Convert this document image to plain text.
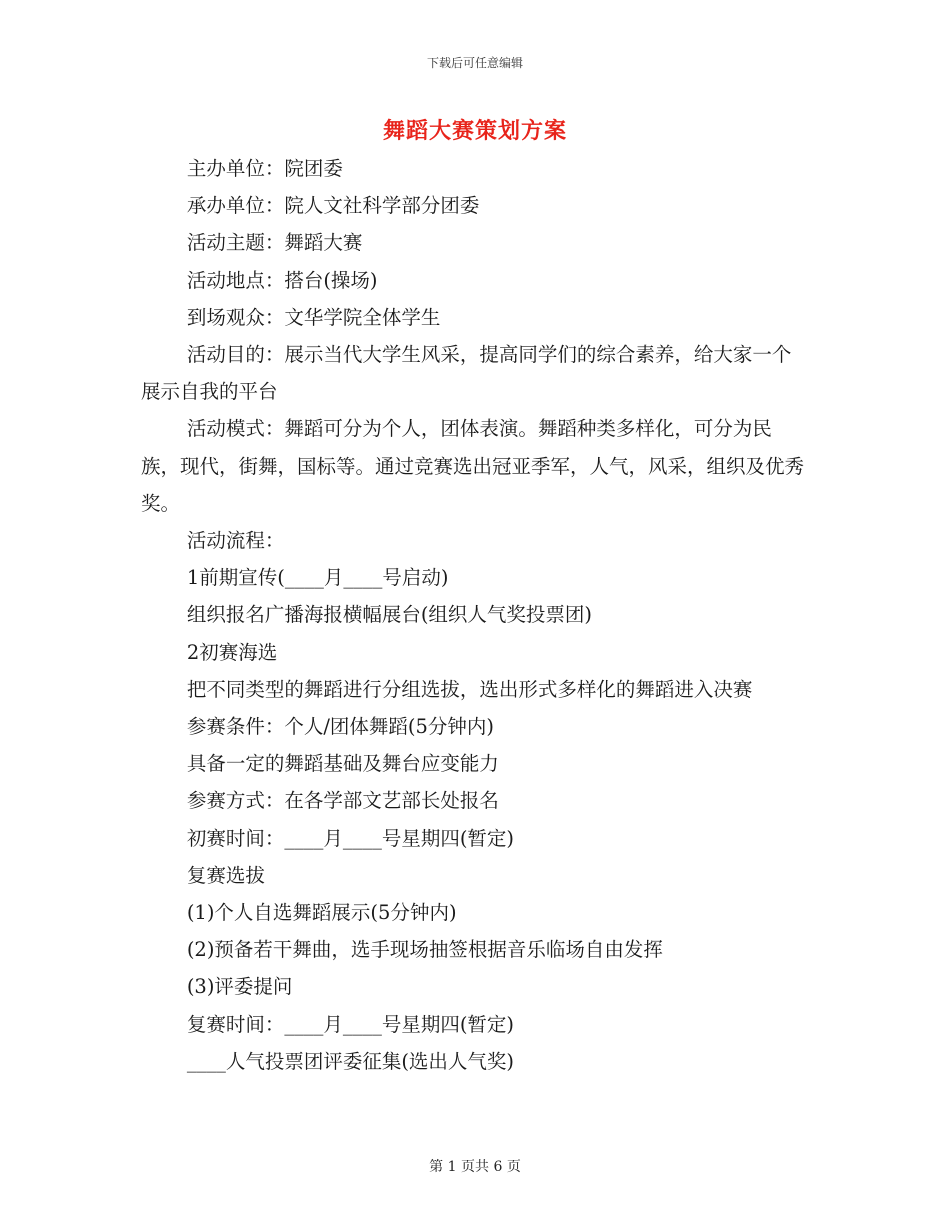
下载后可任意编辑
舞蹈大赛策划方案

主办单位：院团委

承办单位：院人文社科学部分团委

活动主题：舞蹈大赛

活动地点：搭台(操场)

到场观众：文华学院全体学生

活动目的：展示当代大学生风采，提高同学们的综合素养，给大家一个展示自我的平台

活动模式：舞蹈可分为个人，团体表演。舞蹈种类多样化，可分为民族，现代，街舞，国标等。通过竞赛选出冠亚季军，人气，风采，组织及优秀奖。

活动流程：

1前期宣传(____月____号启动)

组织报名广播海报横幅展台(组织人气奖投票团)

2初赛海选

把不同类型的舞蹈进行分组选拔，选出形式多样化的舞蹈进入决赛

参赛条件：个人/团体舞蹈(5分钟内)

具备一定的舞蹈基础及舞台应变能力

参赛方式：在各学部文艺部长处报名

初赛时间：____月____号星期四(暂定)

复赛选拔

(1)个人自选舞蹈展示(5分钟内)

(2)预备若干舞曲，选手现场抽签根据音乐临场自由发挥

(3)评委提问

复赛时间：____月____号星期四(暂定)

____人气投票团评委征集(选出人气奖)

第 1 页共 6 页
